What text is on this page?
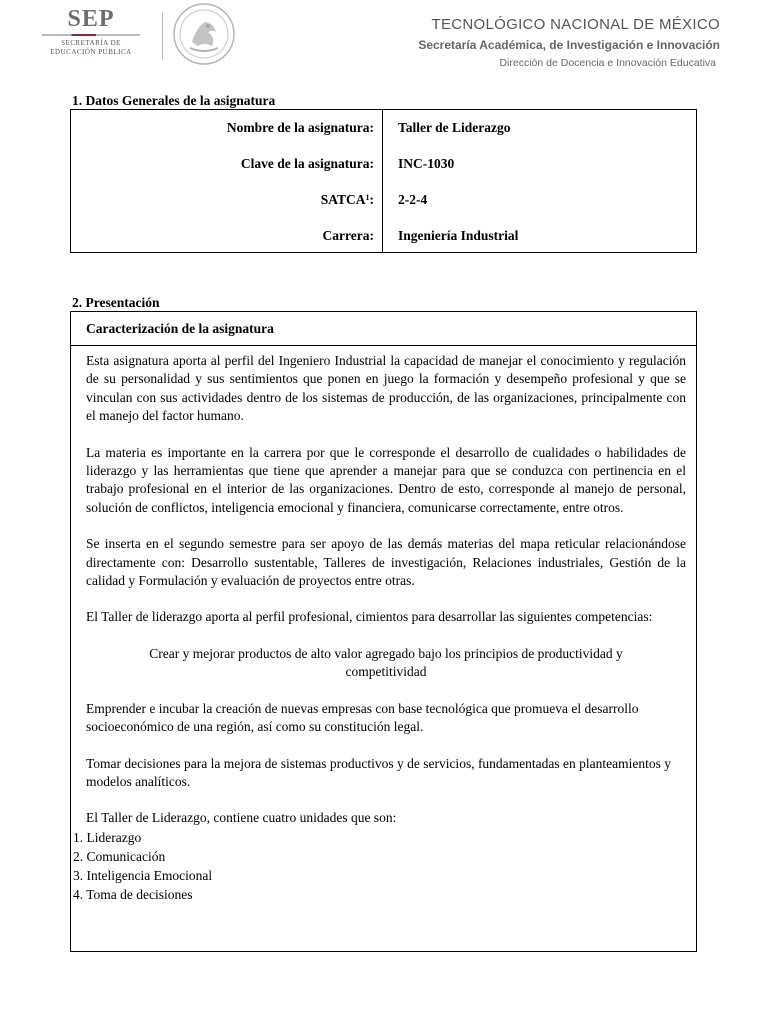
SEP
SECRETARÍA DE
EDUCACIÓN PÚBLICA
TECNOLÓGICO NACIONAL DE MÉXICO
Secretaría Académica, de Investigación e Innovación
Dirección de Docencia e Innovación Educativa
1. Datos Generales de la asignatura
Nombre de la asignatura:
Clave de la asignatura:
SATCA$^1$:
Carrera:
Taller de Liderazgo
INC-1030
2-2-4
Ingeniería Industrial
2. Presentación
Caracterización de la asignatura

Esta asignatura aporta al perfil del Ingeniero Industrial la capacidad de manejar el conocimiento y regulación de su personalidad y sus sentimientos que ponen en juego la formación y desempeño profesional y que se vinculan con sus actividades dentro de los sistemas de producción, de las organizaciones, principalmente con el manejo del factor humano.

La materia es importante en la carrera por que le corresponde el desarrollo de cualidades o habilidades de liderazgo y las herramientas que tiene que aprender a manejar para que se conduzca con pertinencia en el trabajo profesional en el interior de las organizaciones. Dentro de esto, corresponde al manejo de personal, solución de conflictos, inteligencia emocional y financiera, comunicarse correctamente, entre otros.

Se inserta en el segundo semestre para ser apoyo de las demás materias del mapa reticular relacionándose directamente con: Desarrollo sustentable, Talleres de investigación, Relaciones industriales, Gestión de la calidad y Formulación y evaluación de proyectos entre otras.

El Taller de liderazgo aporta al perfil profesional, cimientos para desarrollar las siguientes competencias:

Crear y mejorar productos de alto valor agregado bajo los principios de productividad y competitividad

Emprender e incubar la creación de nuevas empresas con base tecnológica que promueva el desarrollo socioeconómico de una región, así como su constitución legal.

Tomar decisiones para la mejora de sistemas productivos y de servicios, fundamentadas en planteamientos y modelos analíticos.

El Taller de Liderazgo, contiene cuatro unidades que son:
1. Liderazgo
2. Comunicación
3. Inteligencia Emocional
4. Toma de decisiones
